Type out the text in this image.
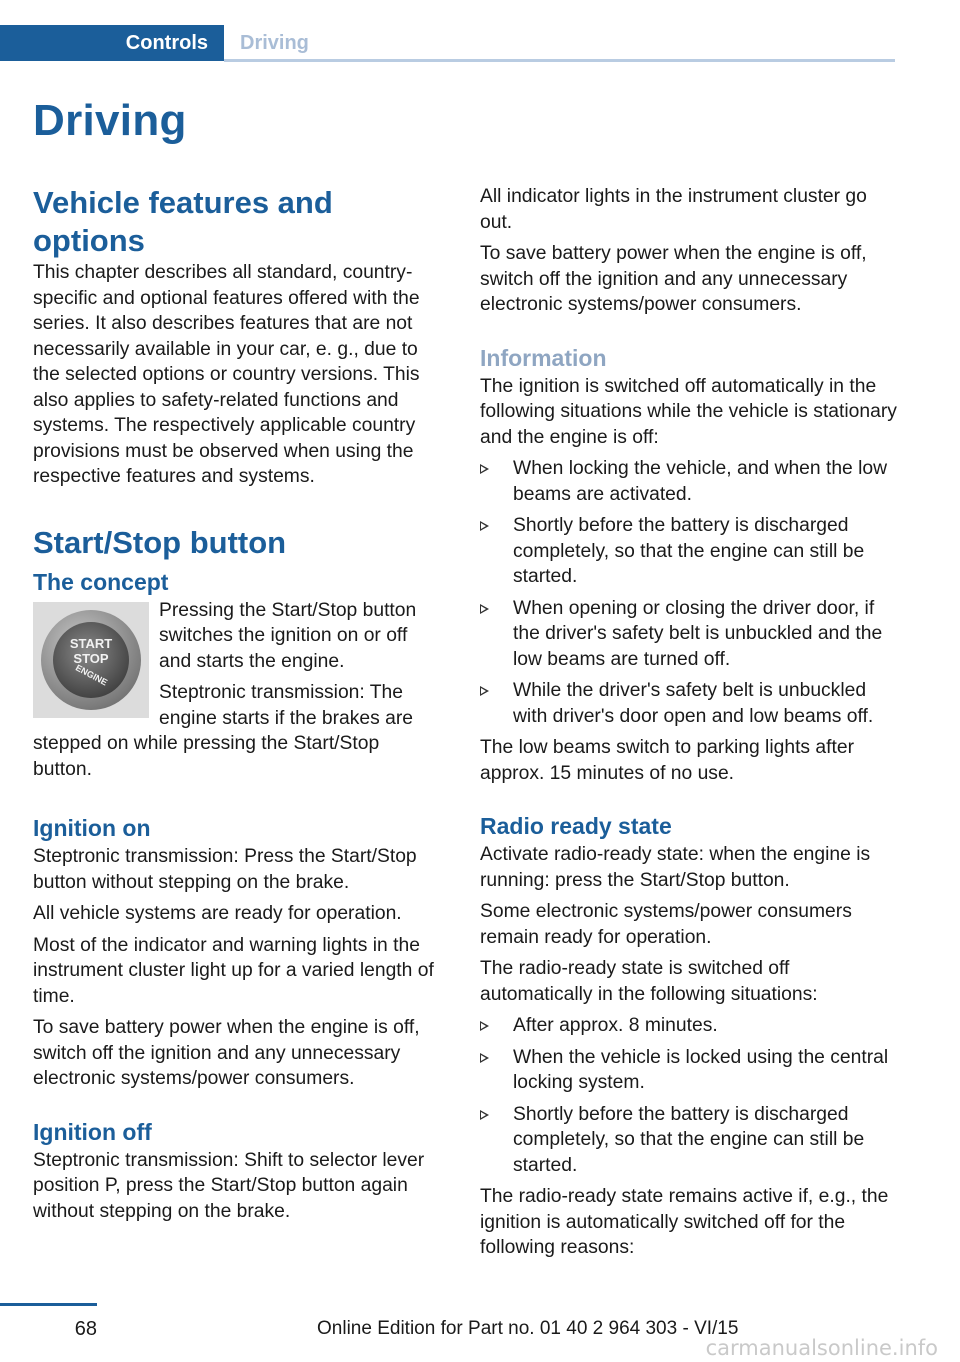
Controls	Driving
Driving
Vehicle features and options

This chapter describes all standard, country-specific and optional features offered with the series. It also describes features that are not necessarily available in your car, e. g., due to the selected options or country versions. This also applies to safety-related functions and systems. The respectively applicable country provisions must be observed when using the respective features and systems.

Start/Stop button
The concept
START
STOP
ENGINE

Pressing the Start/Stop button switches the ignition on or off and starts the engine.

Steptronic transmission: The engine starts if the brakes are stepped on while pressing the Start/Stop button.

Ignition on

Steptronic transmission: Press the Start/Stop button without stepping on the brake.

All vehicle systems are ready for operation.

Most of the indicator and warning lights in the instrument cluster light up for a varied length of time.

To save battery power when the engine is off, switch off the ignition and any unnecessary electronic systems/power consumers.

Ignition off

Steptronic transmission: Shift to selector lever position P, press the Start/Stop button again without stepping on the brake.

All indicator lights in the instrument cluster go out.

To save battery power when the engine is off, switch off the ignition and any unnecessary electronic systems/power consumers.

Information

The ignition is switched off automatically in the following situations while the vehicle is stationary and the engine is off:

When locking the vehicle, and when the low beams are activated.
Shortly before the battery is discharged completely, so that the engine can still be started.
When opening or closing the driver door, if the driver's safety belt is unbuckled and the low beams are turned off.
While the driver's safety belt is unbuckled with driver's door open and low beams off.

The low beams switch to parking lights after approx. 15 minutes of no use.

Radio ready state

Activate radio-ready state: when the engine is running: press the Start/Stop button.

Some electronic systems/power consumers remain ready for operation.

The radio-ready state is switched off automatically in the following situations:

After approx. 8 minutes.
When the vehicle is locked using the central locking system.
Shortly before the battery is discharged completely, so that the engine can still be started.

The radio-ready state remains active if, e.g., the ignition is automatically switched off for the following reasons:

68	Online Edition for Part no. 01 40 2 964 303 - VI/15
carmanualsonline.info
